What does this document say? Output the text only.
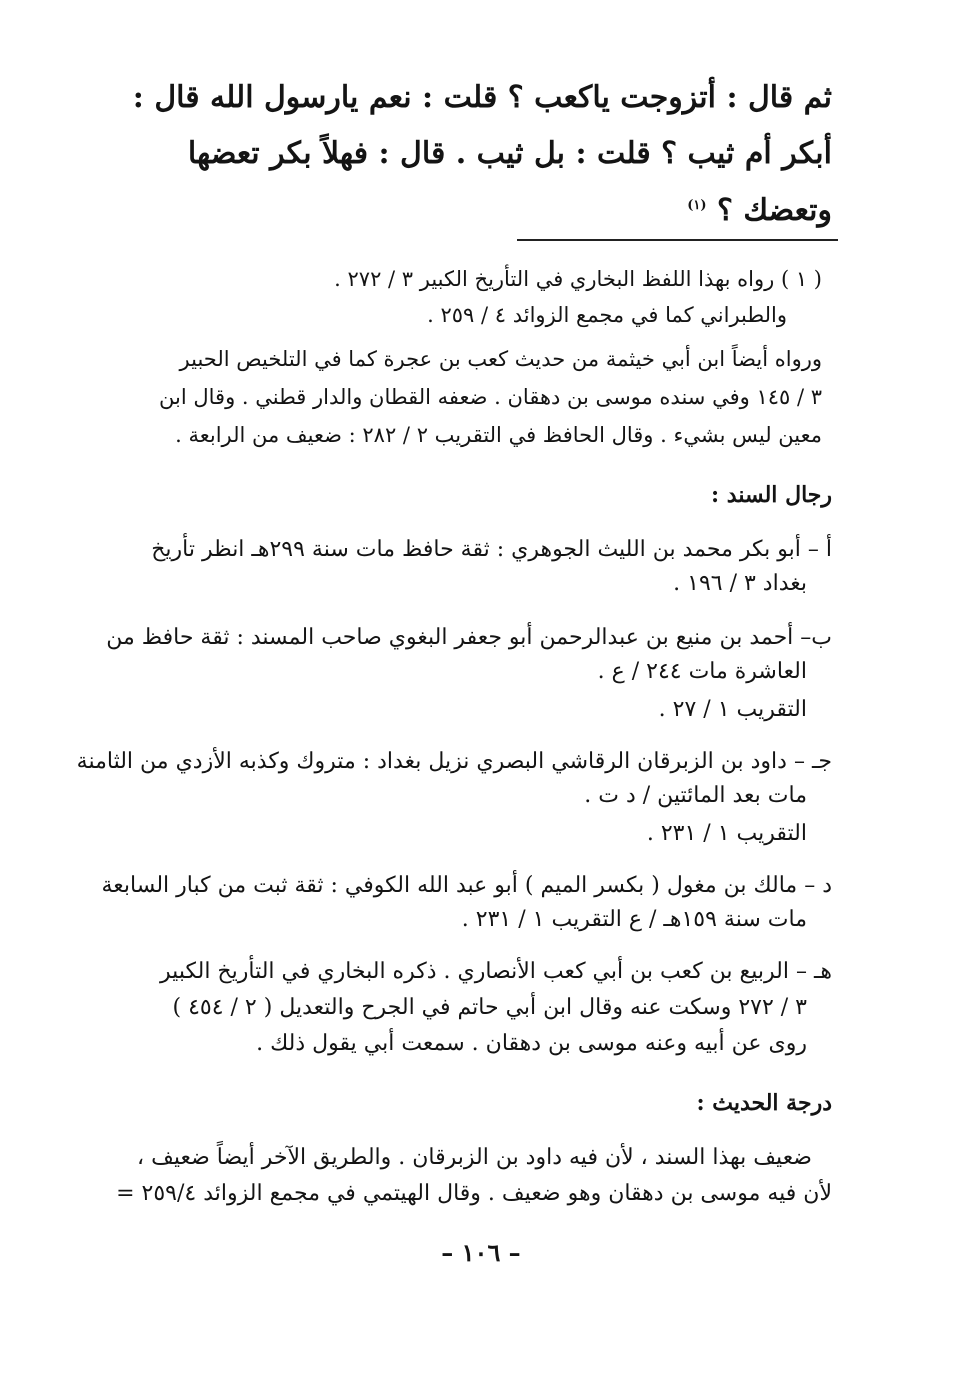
ثم قال : أتزوجت ياكعب ؟ قلت : نعم يارسول الله قال :
أبكر أم ثيب ؟ قلت : بل ثيب . قال : فهلاً بكر تعضها
وتعضك ؟ $^{(١)}$
( ١ ) رواه بهذا اللفظ البخاري في التأريخ الكبير ٣ / ٢٧٢ .
والطبراني كما في مجمع الزوائد ٤ / ٢٥٩ .
ورواه أيضاً ابن أبي خيثمة من حديث كعب بن عجرة كما في التلخيص الحبير
٣ / ١٤٥ وفي سنده موسى بن دهقان . ضعفه القطان والدار قطني . وقال ابن
معين ليس بشيء . وقال الحافظ في التقريب ٢ / ٢٨٢ : ضعيف من الرابعة .
رجال السند :
أ – أبو بكر محمد بن الليث الجوهري : ثقة حافظ مات سنة ٢٩٩هـ انظر تأريخ
بغداد ٣ / ١٩٦ .
ب– أحمد بن منيع بن عبدالرحمن أبو جعفر البغوي صاحب المسند : ثقة حافظ من
العاشرة مات ٢٤٤ / ع .
التقريب ١ / ٢٧ .
جـ – داود بن الزبرقان الرقاشي البصري نزيل بغداد : متروك وكذبه الأزدي من الثامنة
مات بعد المائتين / د ت .
التقريب ١ / ٢٣١ .
د – مالك بن مغول ( بكسر الميم ) أبو عبد الله الكوفي : ثقة ثبت من كبار السابعة
مات سنة ١٥٩هـ / ع التقريب ١ / ٢٣١ .
هـ – الربيع بن كعب بن أبي كعب الأنصاري . ذكره البخاري في التأريخ الكبير
٣ / ٢٧٢ وسكت عنه وقال ابن أبي حاتم في الجرح والتعديل ( ٢ / ٤٥٤ )
روى عن أبيه وعنه موسى بن دهقان . سمعت أبي يقول ذلك .
درجة الحديث :
ضعيف بهذا السند ، لأن فيه داود بن الزبرقان . والطريق الآخر أيضاً ضعيف ،
لأن فيه موسى بن دهقان وهو ضعيف . وقال الهيتمي في مجمع الزوائد ٢٥٩/٤ =
– ١٠٦ –
